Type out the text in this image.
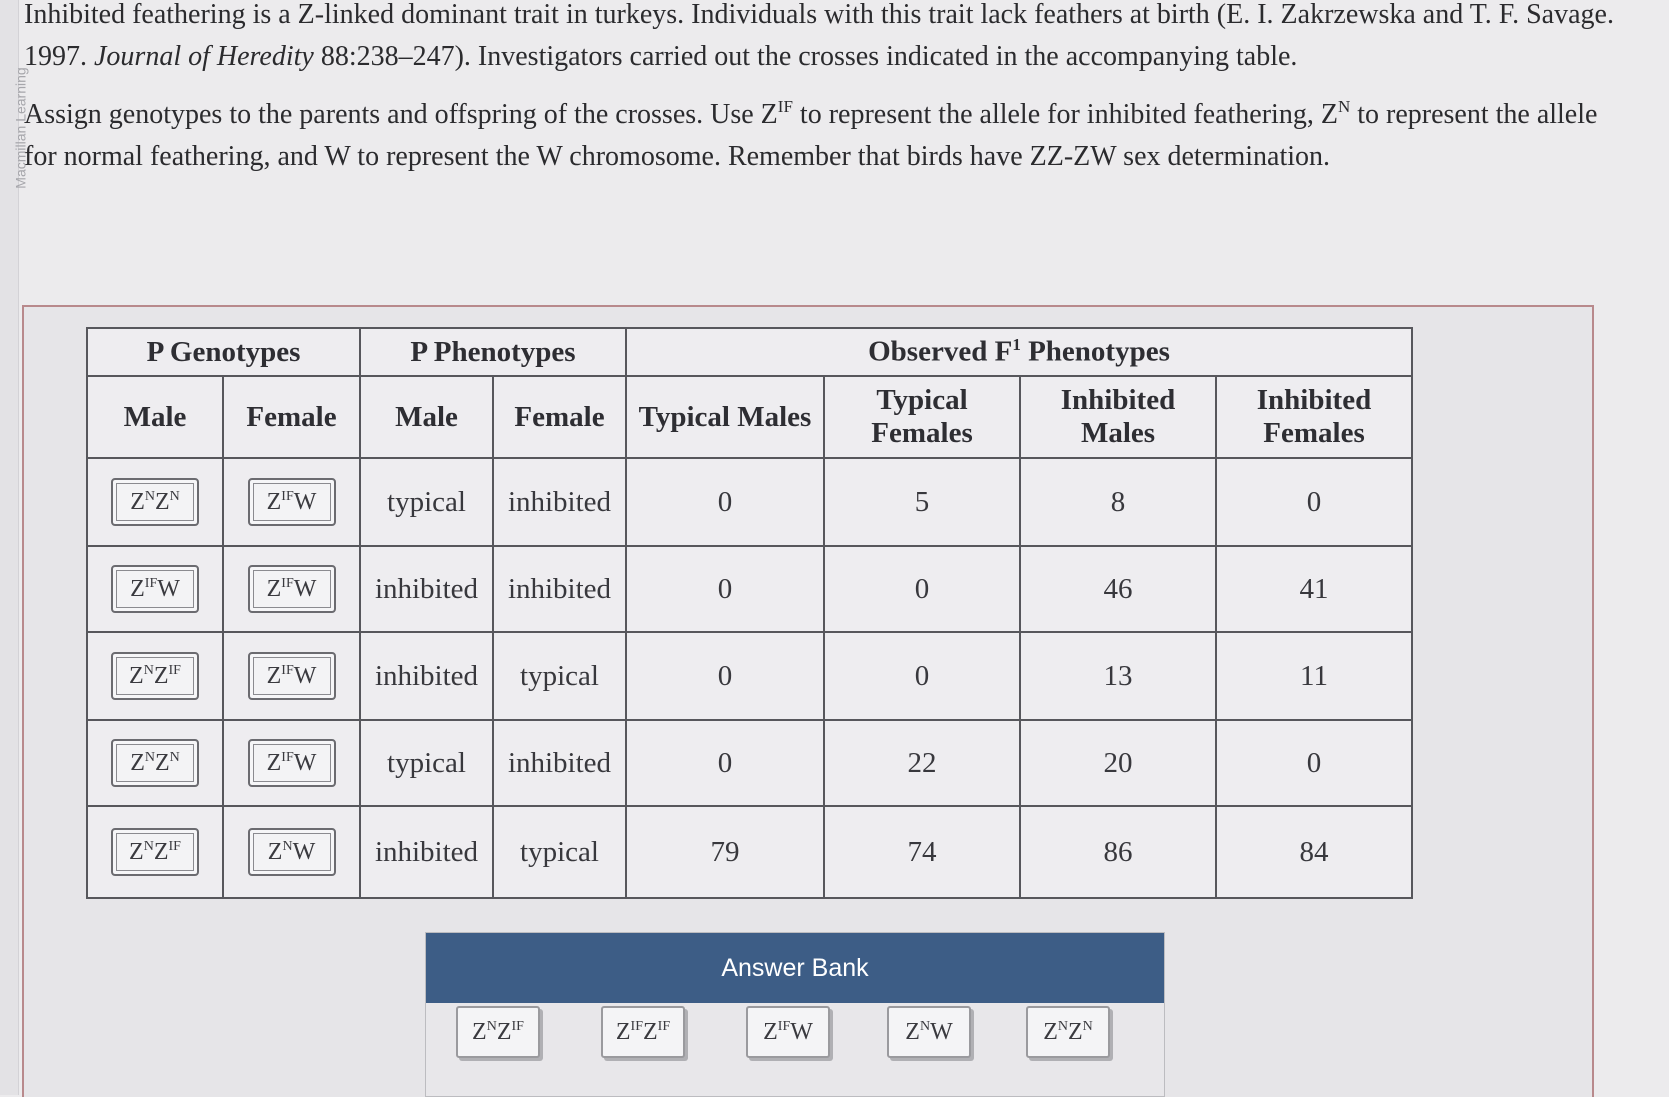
Macmillan Learning

Inhibited feathering is a Z-linked dominant trait in turkeys. Individuals with this trait lack feathers at birth (E. I. Zakrzewska and T. F. Savage. 1997. Journal of Heredity 88:238–247). Investigators carried out the crosses indicated in the accompanying table.

Assign genotypes to the parents and offspring of the crosses. Use $Z^{IF}$ to represent the allele for inhibited feathering, $Z^N$ to represent the allele for normal feathering, and W to represent the W chromosome. Remember that birds have ZZ-ZW sex determination.

P Genotypes		P Phenotypes		Observed $F^1$ Phenotypes			
Male	Female	Male	Female	Typical Males	Typical Females	Inhibited Males	Inhibited Females
$Z^NZ^N$	$Z^{IF}W$	typical	inhibited	0	5	8	0
$Z^{IF}W$	$Z^{IF}W$	inhibited	inhibited	0	0	46	41
$Z^NZ^{IF}$	$Z^{IF}W$	inhibited	typical	0	0	13	11
$Z^NZ^N$	$Z^{IF}W$	typical	inhibited	0	22	20	0
$Z^NZ^{IF}$	$Z^NW$	inhibited	typical	79	74	86	84
Answer Bank
$Z^NZ^{IF}$	$Z^{IF}Z^{IF}$	$Z^{IF}W$	$Z^NW$	$Z^NZ^N$
